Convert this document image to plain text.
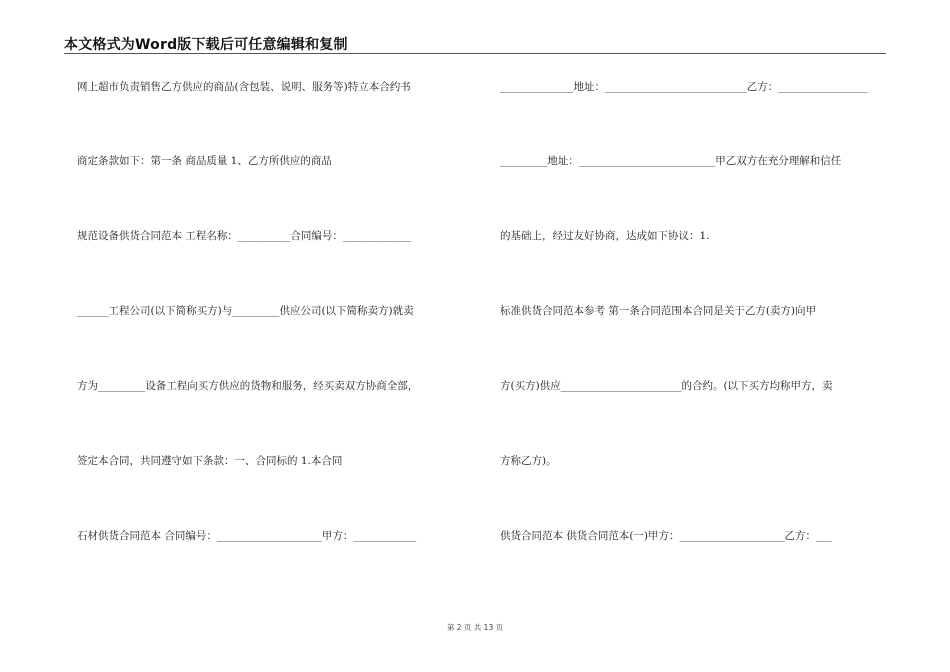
本文格式为Word版下载后可任意编辑和复制
网上超市负责销售乙方供应的商品(含包装、说明、服务等)特立本合约书
商定条款如下：第一条 商品质量 1、乙方所供应的商品
规范设备供货合同范本 工程名称：__________合同编号：_____________
______工程公司(以下简称买方)与_________供应公司(以下简称卖方)就卖
方为_________设备工程向买方供应的货物和服务，经买卖双方协商全部，
签定本合同，共同遵守如下条款：一、合同标的 1.本合同
石材供货合同范本 合同编号：____________________甲方：____________
______________地址：___________________________乙方：_________________
_________地址：__________________________甲乙双方在充分理解和信任
的基础上，经过友好协商，达成如下协议：1.
标准供货合同范本参考 第一条合同范围本合同是关于乙方(卖方)向甲
方(买方)供应_______________________的合约。(以下买方均称甲方，卖
方称乙方)。
供货合同范本 供货合同范本(一)甲方：____________________乙方：___
第 2 页 共 13 页
